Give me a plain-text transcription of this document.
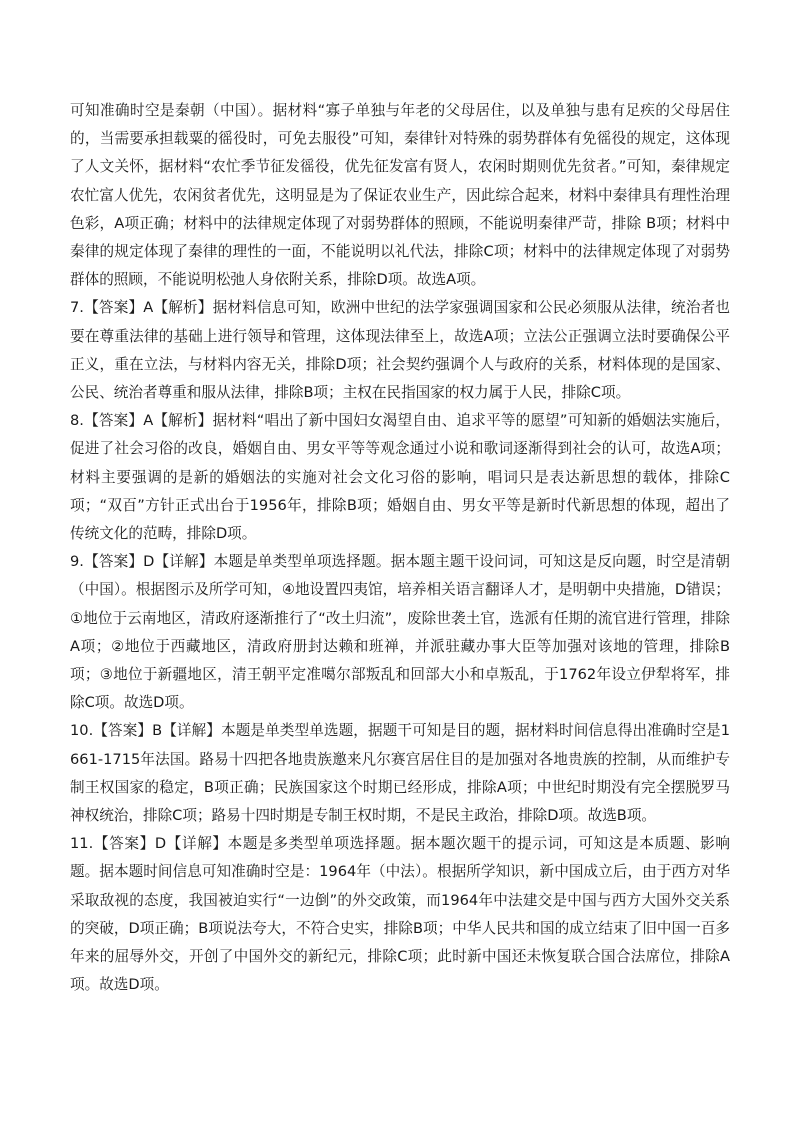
可知准确时空是秦朝（中国）。据材料“寡子单独与年老的父母居住，以及单独与患有足疾的父母居住的，当需要承担载粟的徭役时，可免去服役”可知，秦律针对特殊的弱势群体有免徭役的规定，这体现了人文关怀，据材料“农忙季节征发徭役，优先征发富有贤人，农闲时期则优先贫者。”可知，秦律规定农忙富人优先，农闲贫者优先，这明显是为了保证农业生产，因此综合起来，材料中秦律具有理性治理色彩，A项正确；材料中的法律规定体现了对弱势群体的照顾，不能说明秦律严苛，排除 B项；材料中秦律的规定体现了秦律的理性的一面，不能说明以礼代法，排除C项；材料中的法律规定体现了对弱势群体的照顾，不能说明松弛人身依附关系，排除D项。故选A项。

7.【答案】A【解析】据材料信息可知，欧洲中世纪的法学家强调国家和公民必须服从法律，统治者也要在尊重法律的基础上进行领导和管理，这体现法律至上，故选A项；立法公正强调立法时要确保公平正义，重在立法，与材料内容无关，排除D项；社会契约强调个人与政府的关系，材料体现的是国家、公民、统治者尊重和服从法律，排除B项；主权在民指国家的权力属于人民，排除C项。

8.【答案】A【解析】据材料“唱出了新中国妇女渴望自由、追求平等的愿望”可知新的婚姻法实施后，促进了社会习俗的改良，婚姻自由、男女平等等观念通过小说和歌词逐渐得到社会的认可，故选A项；材料主要强调的是新的婚姻法的实施对社会文化习俗的影响，唱词只是表达新思想的载体，排除C项；“双百”方针正式出台于1956年，排除B项；婚姻自由、男女平等是新时代新思想的体现，超出了传统文化的范畴，排除D项。

9.【答案】D【详解】本题是单类型单项选择题。据本题主题干设问词，可知这是反向题，时空是清朝（中国）。根据图示及所学可知，④地设置四夷馆，培养相关语言翻译人才，是明朝中央措施，D错误；①地位于云南地区，清政府逐渐推行了“改土归流”，废除世袭土官，选派有任期的流官进行管理，排除A项；②地位于西藏地区，清政府册封达赖和班禅，并派驻藏办事大臣等加强对该地的管理，排除B项；③地位于新疆地区，清王朝平定准噶尔部叛乱和回部大小和卓叛乱，于1762年设立伊犁将军，排除C项。故选D项。

10.【答案】B【详解】本题是单类型单选题，据题干可知是目的题，据材料时间信息得出准确时空是1661-1715年法国。路易十四把各地贵族邀来凡尔赛宫居住目的是加强对各地贵族的控制，从而维护专制王权国家的稳定，B项正确；民族国家这个时期已经形成，排除A项；中世纪时期没有完全摆脱罗马神权统治，排除C项；路易十四时期是专制王权时期，不是民主政治，排除D项。故选B项。

11.【答案】D【详解】本题是多类型单项选择题。据本题次题干的提示词，可知这是本质题、影响题。据本题时间信息可知准确时空是：1964年（中法）。根据所学知识，新中国成立后，由于西方对华采取敌视的态度，我国被迫实行“一边倒”的外交政策，而1964年中法建交是中国与西方大国外交关系的突破，D项正确；B项说法夸大，不符合史实，排除B项；中华人民共和国的成立结束了旧中国一百多年来的屈辱外交，开创了中国外交的新纪元，排除C项；此时新中国还未恢复联合国合法席位，排除A项。故选D项。
